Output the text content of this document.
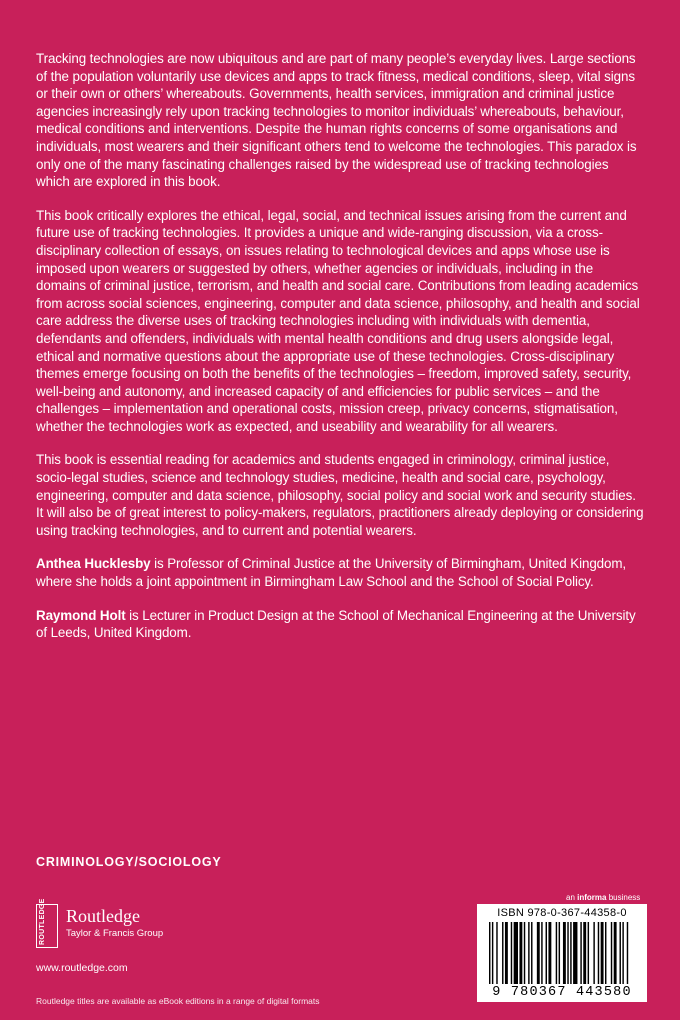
Tracking technologies are now ubiquitous and are part of many people’s everyday lives. Large sections of the population voluntarily use devices and apps to track fitness, medical conditions, sleep, vital signs or their own or others’ whereabouts. Governments, health services, immigration and criminal justice agencies increasingly rely upon tracking technologies to monitor individuals’ whereabouts, behaviour, medical conditions and interventions. Despite the human rights concerns of some organisations and individuals, most wearers and their significant others tend to welcome the technologies. This paradox is only one of the many fascinating challenges raised by the widespread use of tracking technologies which are explored in this book.

This book critically explores the ethical, legal, social, and technical issues arising from the current and future use of tracking technologies. It provides a unique and wide-ranging discussion, via a cross-disciplinary collection of essays, on issues relating to technological devices and apps whose use is imposed upon wearers or suggested by others, whether agencies or individuals, including in the domains of criminal justice, terrorism, and health and social care. Contributions from leading academics from across social sciences, engineering, computer and data science, philosophy, and health and social care address the diverse uses of tracking technologies including with individuals with dementia, defendants and offenders, individuals with mental health conditions and drug users alongside legal, ethical and normative questions about the appropriate use of these technologies. Cross-disciplinary themes emerge focusing on both the benefits of the technologies – freedom, improved safety, security, well-being and autonomy, and increased capacity of and efficiencies for public services – and the challenges – implementation and operational costs, mission creep, privacy concerns, stigmatisation, whether the technologies work as expected, and useability and wearability for all wearers.

This book is essential reading for academics and students engaged in criminology, criminal justice, socio-legal studies, science and technology studies, medicine, health and social care, psychology, engineering, computer and data science, philosophy, social policy and social work and security studies. It will also be of great interest to policy-makers, regulators, practitioners already deploying or considering using tracking technologies, and to current and potential wearers.

Anthea Hucklesby is Professor of Criminal Justice at the University of Birmingham, United Kingdom, where she holds a joint appointment in Birmingham Law School and the School of Social Policy.

Raymond Holt is Lecturer in Product Design at the School of Mechanical Engineering at the University of Leeds, United Kingdom.

CRIMINOLOGY/SOCIOLOGY
ROUTLEDGE Routledge
Taylor & Francis Group
www.routledge.com
Routledge titles are available as eBook editions in a range of digital formats
an informa business
ISBN 978-0-367-44358-0
9 780367 443580
